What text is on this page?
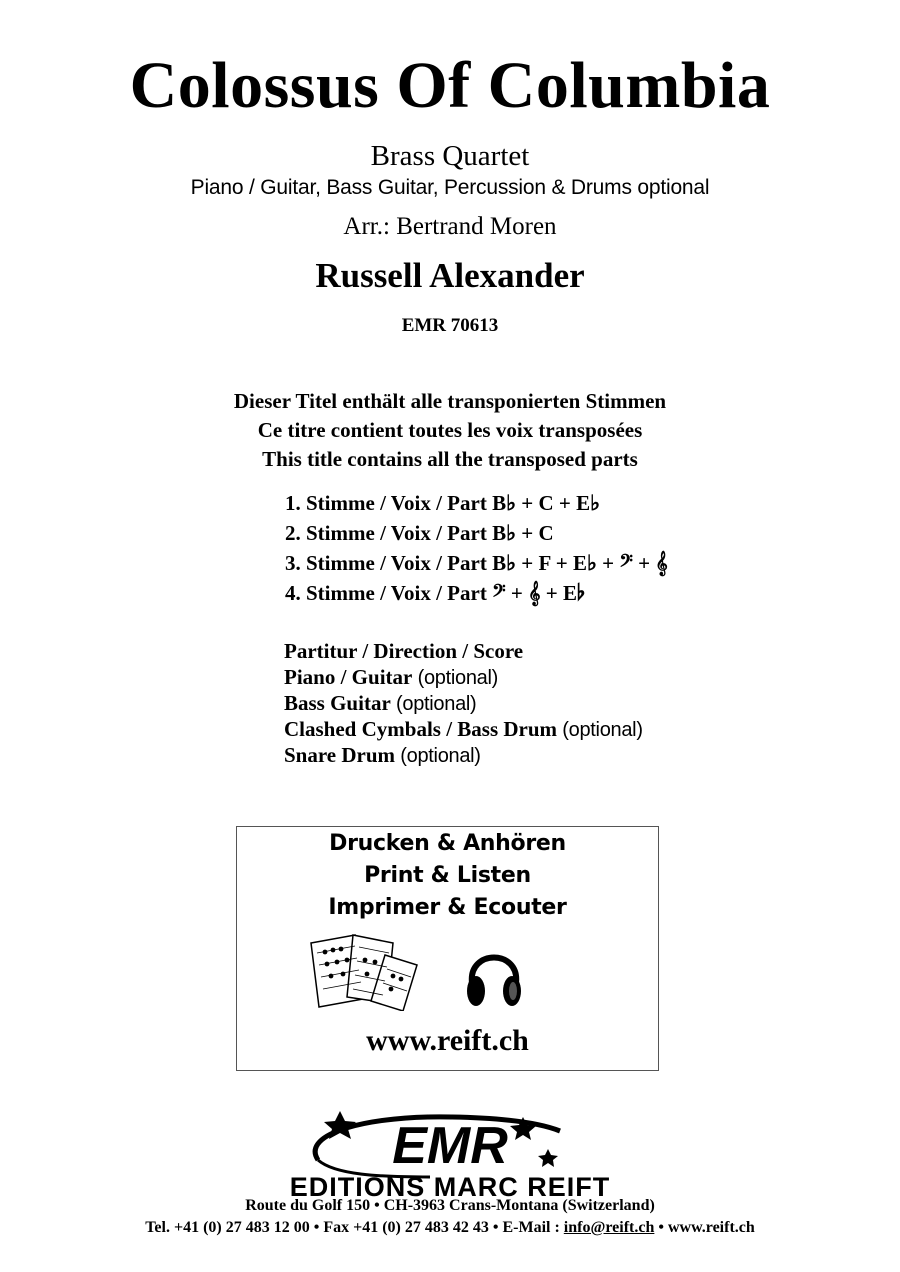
Colossus Of Columbia
Brass Quartet
Piano / Guitar, Bass Guitar, Percussion & Drums optional
Arr.: Bertrand Moren
Russell Alexander
EMR 70613
Dieser Titel enthält alle transponierten Stimmen
Ce titre contient toutes les voix transposées
This title contains all the transposed parts
1. Stimme / Voix / Part B♭ + C + E♭
2. Stimme / Voix / Part B♭ + C
3. Stimme / Voix / Part B♭ + F + E♭ + 𝄢 + 𝄞
4. Stimme / Voix / Part 𝄢 + 𝄞 + E♭
Partitur / Direction / Score
Piano / Guitar (optional)
Bass Guitar (optional)
Clashed Cymbals / Bass Drum (optional)
Snare Drum (optional)
Drucken & Anhören
Print & Listen
Imprimer & Ecouter
www.reift.ch
EMR
EDITIONS MARC REIFT
Route du Golf 150 • CH-3963 Crans-Montana (Switzerland)
Tel. +41 (0) 27 483 12 00 • Fax +41 (0) 27 483 42 43 • E-Mail : info@reift.ch • www.reift.ch
